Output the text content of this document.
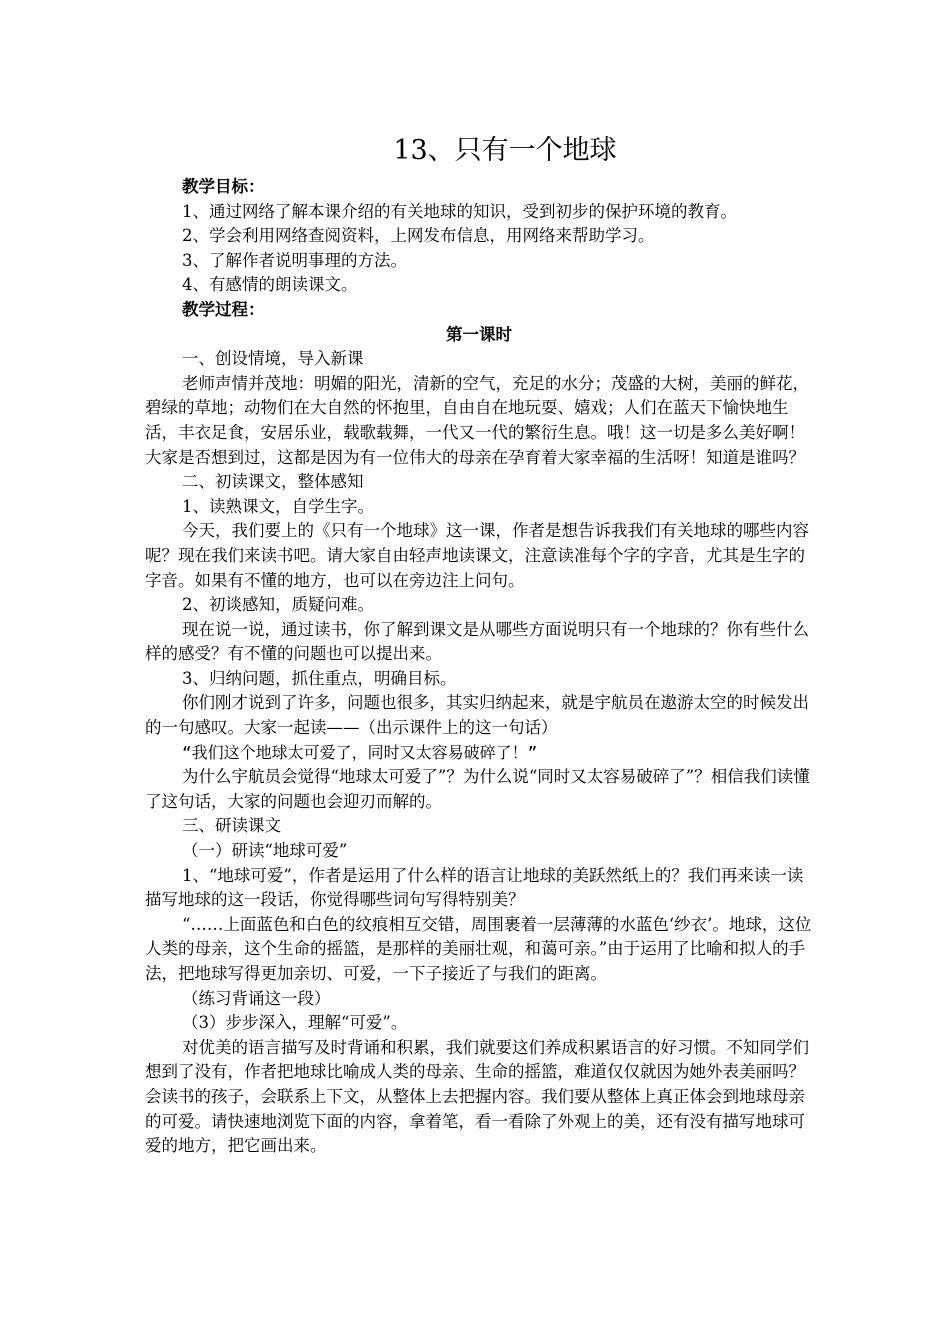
13、只有一个地球

教学目标：

1、通过网络了解本课介绍的有关地球的知识，受到初步的保护环境的教育。

2、学会利用网络查阅资料，上网发布信息，用网络来帮助学习。

3、了解作者说明事理的方法。

4、有感情的朗读课文。

教学过程：

第一课时

一、创设情境，导入新课

老师声情并茂地：明媚的阳光，清新的空气，充足的水分；茂盛的大树，美丽的鲜花，碧绿的草地；动物们在大自然的怀抱里，自由自在地玩耍、嬉戏；人们在蓝天下愉快地生活，丰衣足食，安居乐业，载歌载舞，一代又一代的繁衍生息。哦！这一切是多么美好啊！大家是否想到过，这都是因为有一位伟大的母亲在孕育着大家幸福的生活呀！知道是谁吗？

二、初读课文，整体感知

1、读熟课文，自学生字。

今天，我们要上的《只有一个地球》这一课，作者是想告诉我我们有关地球的哪些内容呢？现在我们来读书吧。请大家自由轻声地读课文，注意读准每个字的字音，尤其是生字的字音。如果有不懂的地方，也可以在旁边注上问句。

2、初谈感知，质疑问难。

现在说一说，通过读书，你了解到课文是从哪些方面说明只有一个地球的？你有些什么样的感受？有不懂的问题也可以提出来。

3、归纳问题，抓住重点，明确目标。

你们刚才说到了许多，问题也很多，其实归纳起来，就是宇航员在遨游太空的时候发出的一句感叹。大家一起读——（出示课件上的这一句话）

“我们这个地球太可爱了，同时又太容易破碎了！”

为什么宇航员会觉得“地球太可爱了”？为什么说“同时又太容易破碎了”？相信我们读懂了这句话，大家的问题也会迎刃而解的。

三、研读课文

（一）研读“地球可爱”

1、“地球可爱”，作者是运用了什么样的语言让地球的美跃然纸上的？我们再来读一读描写地球的这一段话，你觉得哪些词句写得特别美？

“……上面蓝色和白色的纹痕相互交错，周围裹着一层薄薄的水蓝色‘纱衣’。地球，这位人类的母亲，这个生命的摇篮，是那样的美丽壮观，和蔼可亲。”由于运用了比喻和拟人的手法，把地球写得更加亲切、可爱，一下子接近了与我们的距离。

（练习背诵这一段）

（3）步步深入，理解“可爱”。

对优美的语言描写及时背诵和积累，我们就要这们养成积累语言的好习惯。不知同学们想到了没有，作者把地球比喻成人类的母亲、生命的摇篮，难道仅仅就因为她外表美丽吗？会读书的孩子，会联系上下文，从整体上去把握内容。我们要从整体上真正体会到地球母亲的可爱。请快速地浏览下面的内容，拿着笔，看一看除了外观上的美，还有没有描写地球可爱的地方，把它画出来。
